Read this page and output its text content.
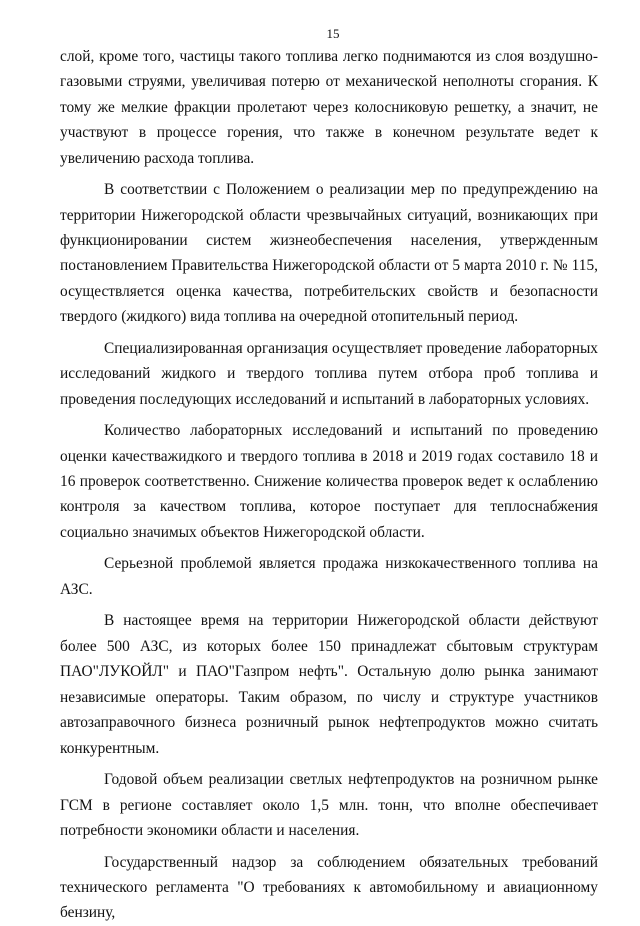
15

слой, кроме того, частицы такого топлива легко поднимаются из слоя воздушно-газовыми струями, увеличивая потерю от механической неполноты сгорания. К тому же мелкие фракции пролетают через колосниковую решетку, а значит, не участвуют в процессе горения, что также в конечном результате ведет к увеличению расхода топлива.

В соответствии с Положением о реализации мер по предупреждению на территории Нижегородской области чрезвычайных ситуаций, возникающих при функционировании систем жизнеобеспечения населения, утвержденным постановлением Правительства Нижегородской области от 5 марта 2010 г. № 115, осуществляется оценка качества, потребительских свойств и безопасности твердого (жидкого) вида топлива на очередной отопительный период.

Специализированная организация осуществляет проведение лабораторных исследований жидкого и твердого топлива путем отбора проб топлива и проведения последующих исследований и испытаний в лабораторных условиях.

Количество лабораторных исследований и испытаний по проведению оценки качестважидкого и твердого топлива в 2018 и 2019 годах составило 18 и 16 проверок соответственно. Снижение количества проверок ведет к ослаблению контроля за качеством топлива, которое поступает для теплоснабжения социально значимых объектов Нижегородской области.

Серьезной проблемой является продажа низкокачественного топлива на АЗС.

В настоящее время на территории Нижегородской области действуют более 500 АЗС, из которых более 150 принадлежат сбытовым структурам ПАО"ЛУКОЙЛ" и ПАО"Газпром нефть". Остальную долю рынка занимают независимые операторы. Таким образом, по числу и структуре участников автозаправочного бизнеса розничный рынок нефтепродуктов можно считать конкурентным.

Годовой объем реализации светлых нефтепродуктов на розничном рынке ГСМ в регионе составляет около 1,5 млн. тонн, что вполне обеспечивает потребности экономики области и населения.

Государственный надзор за соблюдением обязательных требований технического регламента "О требованиях к автомобильному и авиационному бензину,
